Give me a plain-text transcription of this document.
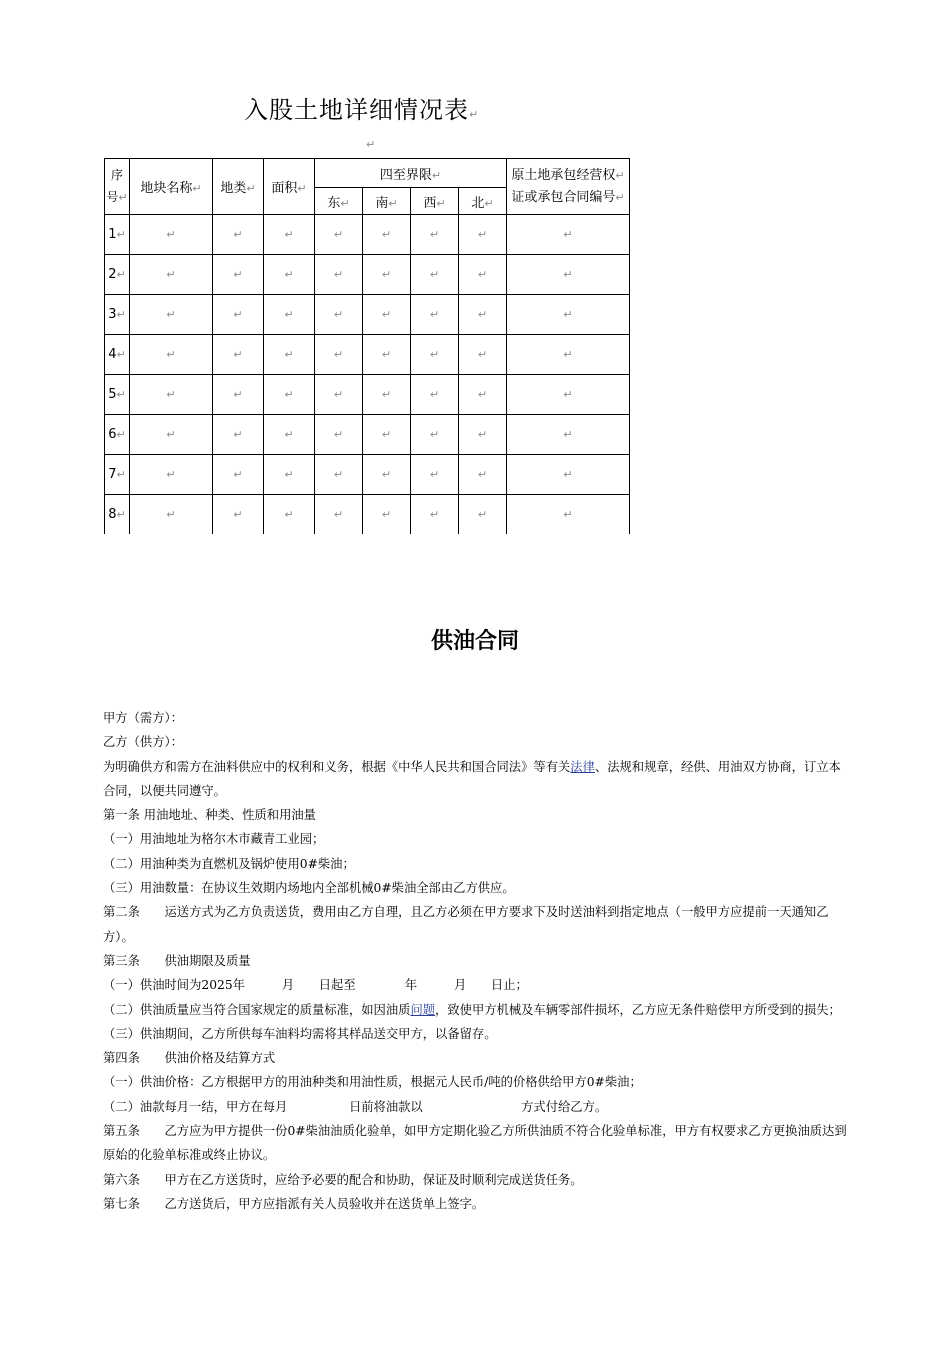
入股土地详细情况表↵
↵
序
号↵	地块名称↵	地类↵	面积↵	四至界限↵				原土地承包经营权↵
证或承包合同编号↵

				东↵	南↵	西↵	北↵	
1↵	↵	↵	↵	↵	↵	↵	↵	↵
2↵	↵	↵	↵	↵	↵	↵	↵	↵
3↵	↵	↵	↵	↵	↵	↵	↵	↵
4↵	↵	↵	↵	↵	↵	↵	↵	↵
5↵	↵	↵	↵	↵	↵	↵	↵	↵
6↵	↵	↵	↵	↵	↵	↵	↵	↵
7↵	↵	↵	↵	↵	↵	↵	↵	↵
8↵	↵	↵	↵	↵	↵	↵	↵	↵
供油合同

甲方（需方）：

乙方（供方）：

为明确供方和需方在油料供应中的权利和义务，根据《中华人民共和国合同法》等有关法律、法规和规章，经供、用油双方协商，订立本合同，以便共同遵守。

第一条 用油地址、种类、性质和用油量

（一）用油地址为格尔木市藏青工业园；

（二）用油种类为直燃机及锅炉使用0#柴油；

（三）用油数量：在协议生效期内场地内全部机械0#柴油全部由乙方供应。

第二条　　运送方式为乙方负责送货，费用由乙方自理，且乙方必须在甲方要求下及时送油料到指定地点（一般甲方应提前一天通知乙方）。

第三条　　供油期限及质量

（一）供油时间为2025年　　　月　　日起至　　　　年　　　月　　日止；

（二）供油质量应当符合国家规定的质量标准，如因油质问题，致使甲方机械及车辆零部件损坏，乙方应无条件赔偿甲方所受到的损失；

（三）供油期间，乙方所供每车油料均需将其样品送交甲方，以备留存。

第四条　　供油价格及结算方式

（一）供油价格：乙方根据甲方的用油种类和用油性质，根据元人民币/吨的价格供给甲方0#柴油；

（二）油款每月一结，甲方在每月　　　　　日前将油款以　　　　　　　　方式付给乙方。

第五条　　乙方应为甲方提供一份0#柴油油质化验单，如甲方定期化验乙方所供油质不符合化验单标准，甲方有权要求乙方更换油质达到原始的化验单标准或终止协议。

第六条　　甲方在乙方送货时，应给予必要的配合和协助，保证及时顺利完成送货任务。

第七条　　乙方送货后，甲方应指派有关人员验收并在送货单上签字。
